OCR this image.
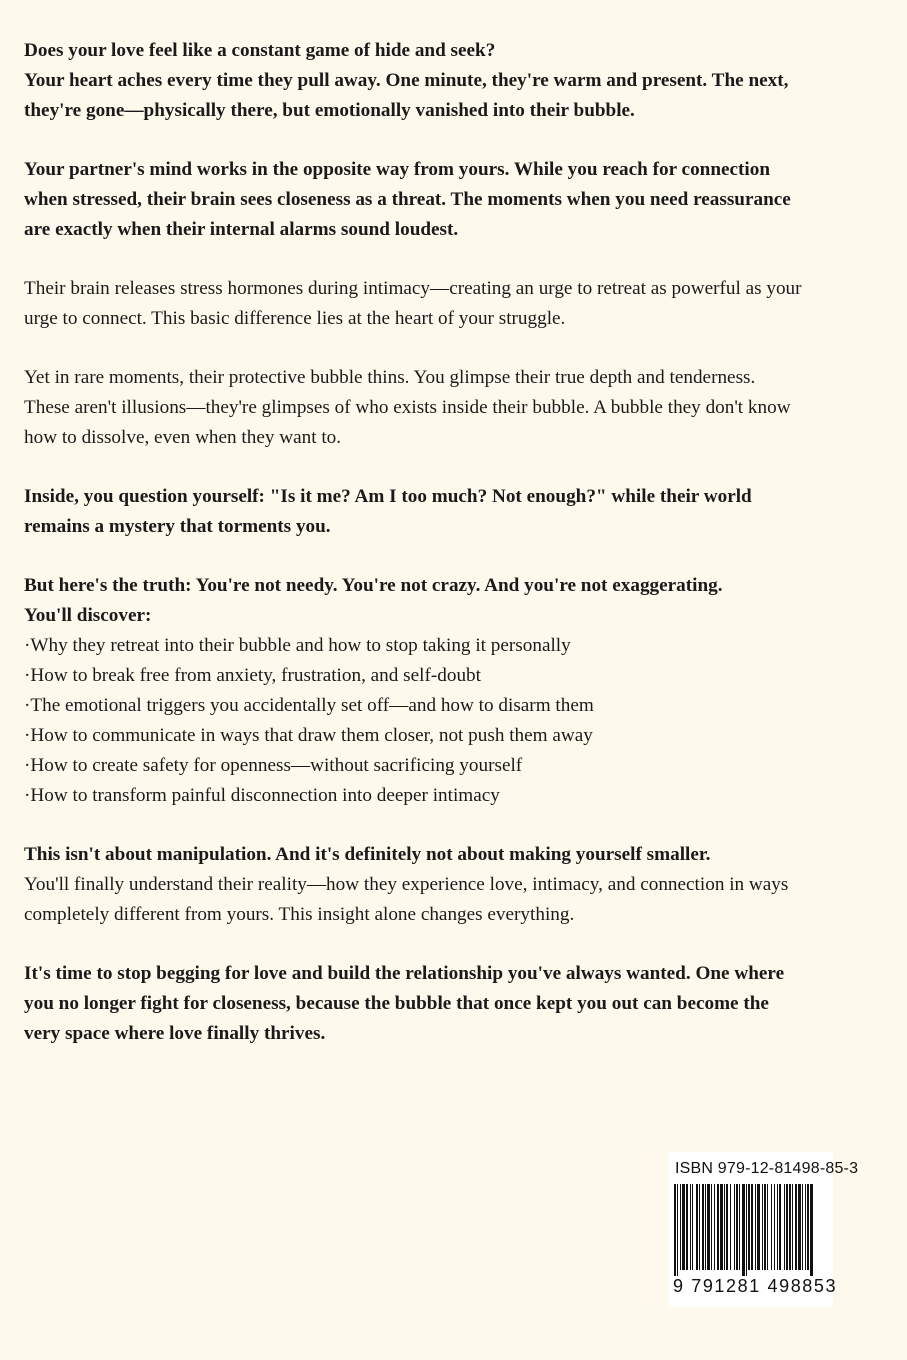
Does your love feel like a constant game of hide and seek?
Your heart aches every time they pull away. One minute, they're warm and present. The next,
they're gone—physically there, but emotionally vanished into their bubble.
Your partner's mind works in the opposite way from yours. While you reach for connection
when stressed, their brain sees closeness as a threat. The moments when you need reassurance
are exactly when their internal alarms sound loudest.
Their brain releases stress hormones during intimacy—creating an urge to retreat as powerful as your
urge to connect. This basic difference lies at the heart of your struggle.
Yet in rare moments, their protective bubble thins. You glimpse their true depth and tenderness.
These aren't illusions—they're glimpses of who exists inside their bubble. A bubble they don't know
how to dissolve, even when they want to.
Inside, you question yourself: "Is it me? Am I too much? Not enough?" while their world
remains a mystery that torments you.
But here's the truth: You're not needy. You're not crazy. And you're not exaggerating.
You'll discover:
·Why they retreat into their bubble and how to stop taking it personally
·How to break free from anxiety, frustration, and self-doubt
·The emotional triggers you accidentally set off—and how to disarm them
·How to communicate in ways that draw them closer, not push them away
·How to create safety for openness—without sacrificing yourself
·How to transform painful disconnection into deeper intimacy
This isn't about manipulation. And it's definitely not about making yourself smaller.
You'll finally understand their reality—how they experience love, intimacy, and connection in ways
completely different from yours. This insight alone changes everything.
It's time to stop begging for love and build the relationship you've always wanted. One where
you no longer fight for closeness, because the bubble that once kept you out can become the
very space where love finally thrives.
ISBN 979-12-81498-85-3
9 791281 498853
